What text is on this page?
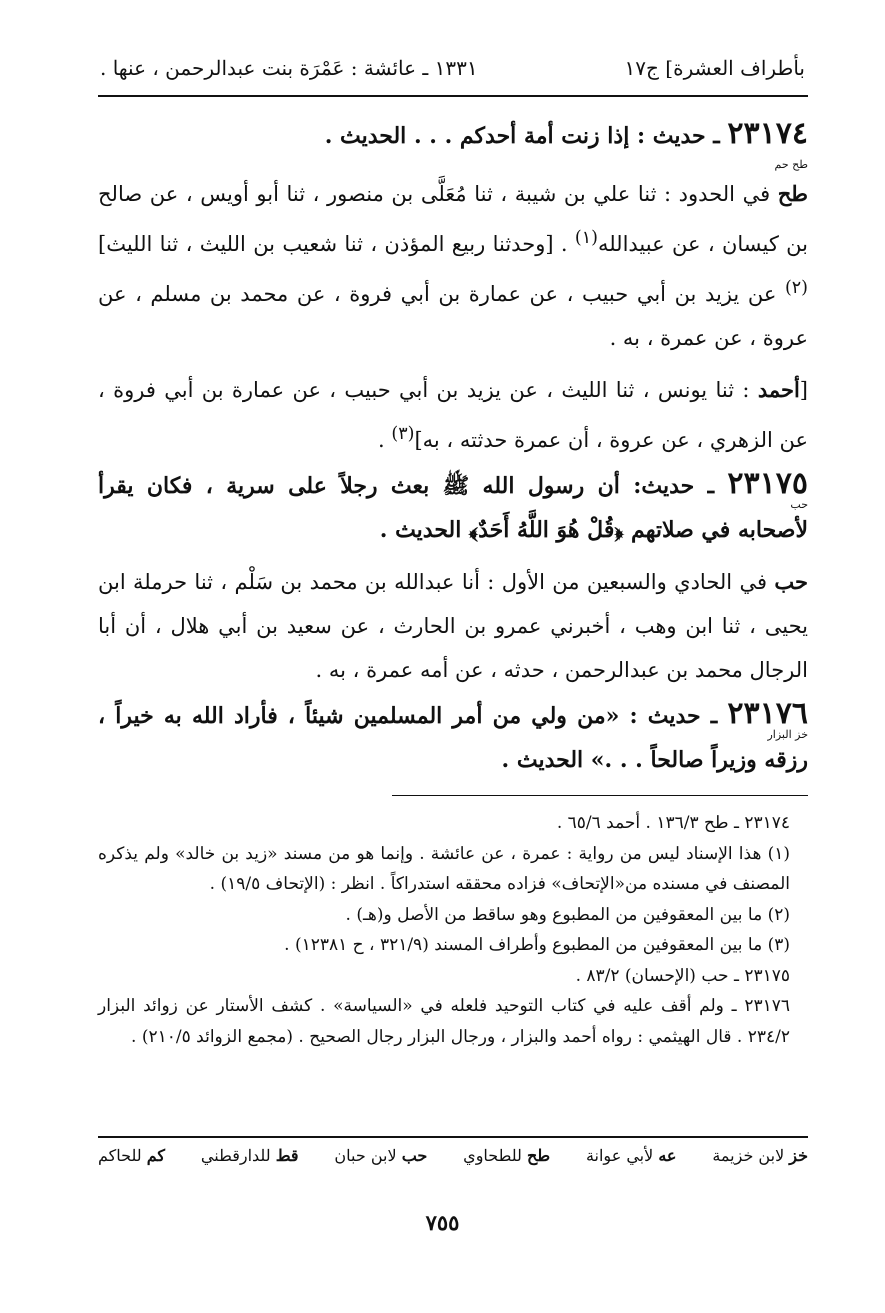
بأطراف العشرة] ج١٧
١٣٣١ ـ عائشة : عَمْرَة بنت عبدالرحمن ، عنها .

٢٣١٧٤ ـ حديث : إذا زنت أمة أحدكم . . . الحديث .

طح حم

طح في الحدود : ثنا علي بن شيبة ، ثنا مُعَلَّى بن منصور ، ثنا أبو أويس ، عن صالح بن كيسان ، عن عبيدالله$^{(١)}$ . [وحدثنا ربيع المؤذن ، ثنا شعيب بن الليث ، ثنا الليث]$^{(٢)}$ عن يزيد بن أبي حبيب ، عن عمارة بن أبي فروة ، عن محمد بن مسلم ، عن عروة ، عن عمرة ، به .

[أحمد : ثنا يونس ، ثنا الليث ، عن يزيد بن أبي حبيب ، عن عمارة بن أبي فروة ، عن الزهري ، عن عروة ، أن عمرة حدثته ، به]$^{(٣)}$ .

٢٣١٧٥ ـ حديث: أن رسول الله ﷺ بعث رجلاً على سرية ، فكان يقرأ لأصحابه في صلاتهم ﴿قُلْ هُوَ اللَّهُ أَحَدٌ﴾ الحديث .

حب

حب في الحادي والسبعين من الأول : أنا عبدالله بن محمد بن سَلْم ، ثنا حرملة ابن يحيى ، ثنا ابن وهب ، أخبرني عمرو بن الحارث ، عن سعيد بن أبي هلال ، أن أبا الرجال محمد بن عبدالرحمن ، حدثه ، عن أمه عمرة ، به .

٢٣١٧٦ ـ حديث : «من ولي من أمر المسلمين شيئاً ، فأراد الله به خيراً ، رزقه وزيراً صالحاً . . .» الحديث .

خز البزار

٢٣١٧٤ ـ طح ١٣٦/٣ . أحمد ٦٥/٦ .

(١) هذا الإسناد ليس من رواية : عمرة ، عن عائشة . وإنما هو من مسند «زيد بن خالد» ولم يذكره المصنف في مسنده من«الإتحاف» فزاده محققه استدراكاً . انظر : (الإتحاف ١٩/٥) .

(٢) ما بين المعقوفين من المطبوع وهو ساقط من الأصل و(هـ) .

(٣) ما بين المعقوفين من المطبوع وأطراف المسند (٣٢١/٩ ، ح ١٢٣٨١) .

٢٣١٧٥ ـ حب (الإحسان) ٨٣/٢ .

٢٣١٧٦ ـ ولم أقف عليه في كتاب التوحيد فلعله في «السياسة» . كشف الأستار عن زوائد البزار ٢٣٤/٢ . قال الهيثمي : رواه أحمد والبزار ، ورجال البزار رجال الصحيح . (مجمع الزوائد ٢١٠/٥) .

خز لابن خزيمة
عه لأبي عوانة
طح للطحاوي
حب لابن حبان
قط للدارقطني
كم للحاكم
٧٥٥
